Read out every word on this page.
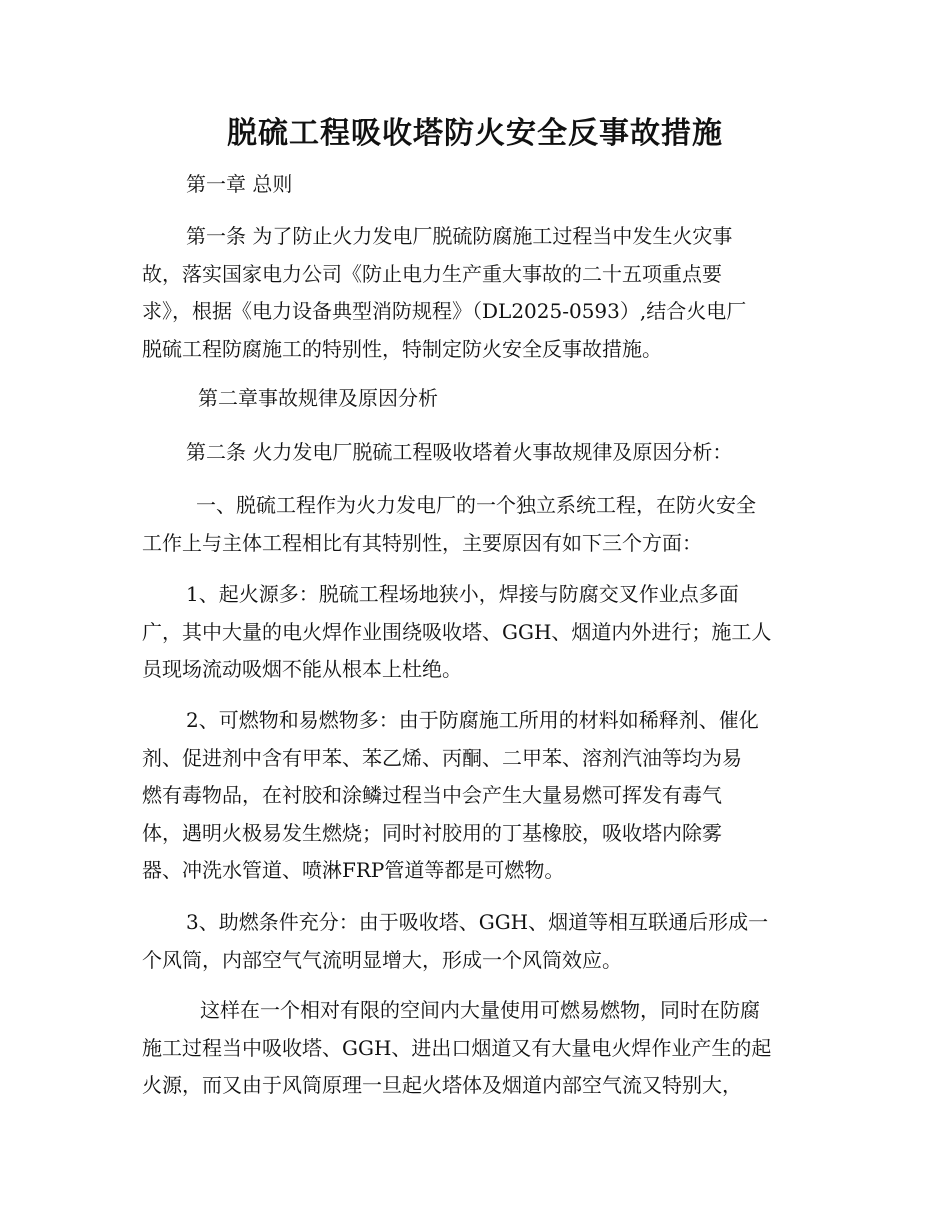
脱硫工程吸收塔防火安全反事故措施
第一章 总则
第一条 为了防止火力发电厂脱硫防腐施工过程当中发生火灾事
故，落实国家电力公司《防止电力生产重大事故的二十五项重点要
求》，根据《电力设备典型消防规程》（DL2025-0593）,结合火电厂
脱硫工程防腐施工的特别性，特制定防火安全反事故措施。
第二章事故规律及原因分析
第二条 火力发电厂脱硫工程吸收塔着火事故规律及原因分析：
一、脱硫工程作为火力发电厂的一个独立系统工程，在防火安全
工作上与主体工程相比有其特别性，主要原因有如下三个方面：
1、起火源多：脱硫工程场地狭小，焊接与防腐交叉作业点多面
广，其中大量的电火焊作业围绕吸收塔、GGH、烟道内外进行；施工人
员现场流动吸烟不能从根本上杜绝。
2、可燃物和易燃物多：由于防腐施工所用的材料如稀释剂、催化
剂、促进剂中含有甲苯、苯乙烯、丙酮、二甲苯、溶剂汽油等均为易
燃有毒物品，在衬胶和涂鳞过程当中会产生大量易燃可挥发有毒气
体，遇明火极易发生燃烧；同时衬胶用的丁基橡胶，吸收塔内除雾
器、冲洗水管道、喷淋FRP管道等都是可燃物。
3、助燃条件充分：由于吸收塔、GGH、烟道等相互联通后形成一
个风筒，内部空气气流明显增大，形成一个风筒效应。
这样在一个相对有限的空间内大量使用可燃易燃物，同时在防腐
施工过程当中吸收塔、GGH、进出口烟道又有大量电火焊作业产生的起
火源，而又由于风筒原理一旦起火塔体及烟道内部空气流又特别大，
